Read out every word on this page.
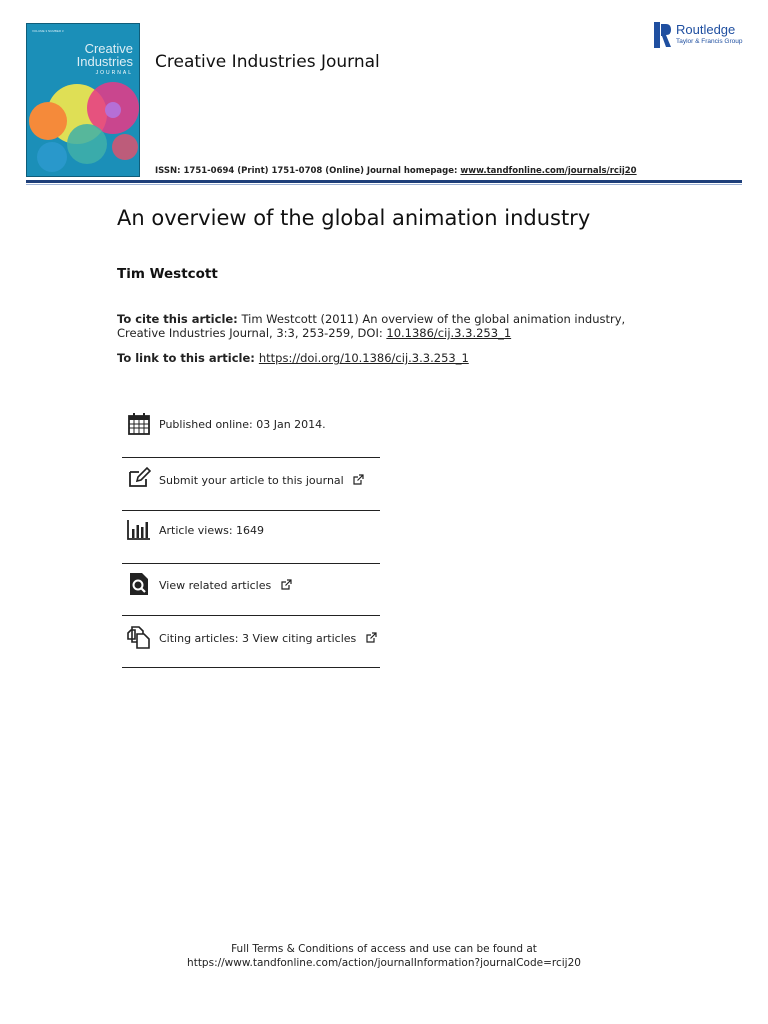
VOLUME 3 NUMBER 3
Creative
Industries
JOURNAL
Creative Industries Journal
ISSN: 1751-0694 (Print) 1751-0708 (Online) Journal homepage: www.tandfonline.com/journals/rcij20
Routledge
Taylor & Francis Group
An overview of the global animation industry
Tim Westcott
To cite this article: Tim Westcott (2011) An overview of the global animation industry, Creative Industries Journal, 3:3, 253-259, DOI: 10.1386/cij.3.3.253_1
To link to this article: https://doi.org/10.1386/cij.3.3.253_1
Published online: 03 Jan 2014.
Submit your article to this journal
Article views: 1649
View related articles
Citing articles: 3 View citing articles
Full Terms & Conditions of access and use can be found at
https://www.tandfonline.com/action/journalInformation?journalCode=rcij20
